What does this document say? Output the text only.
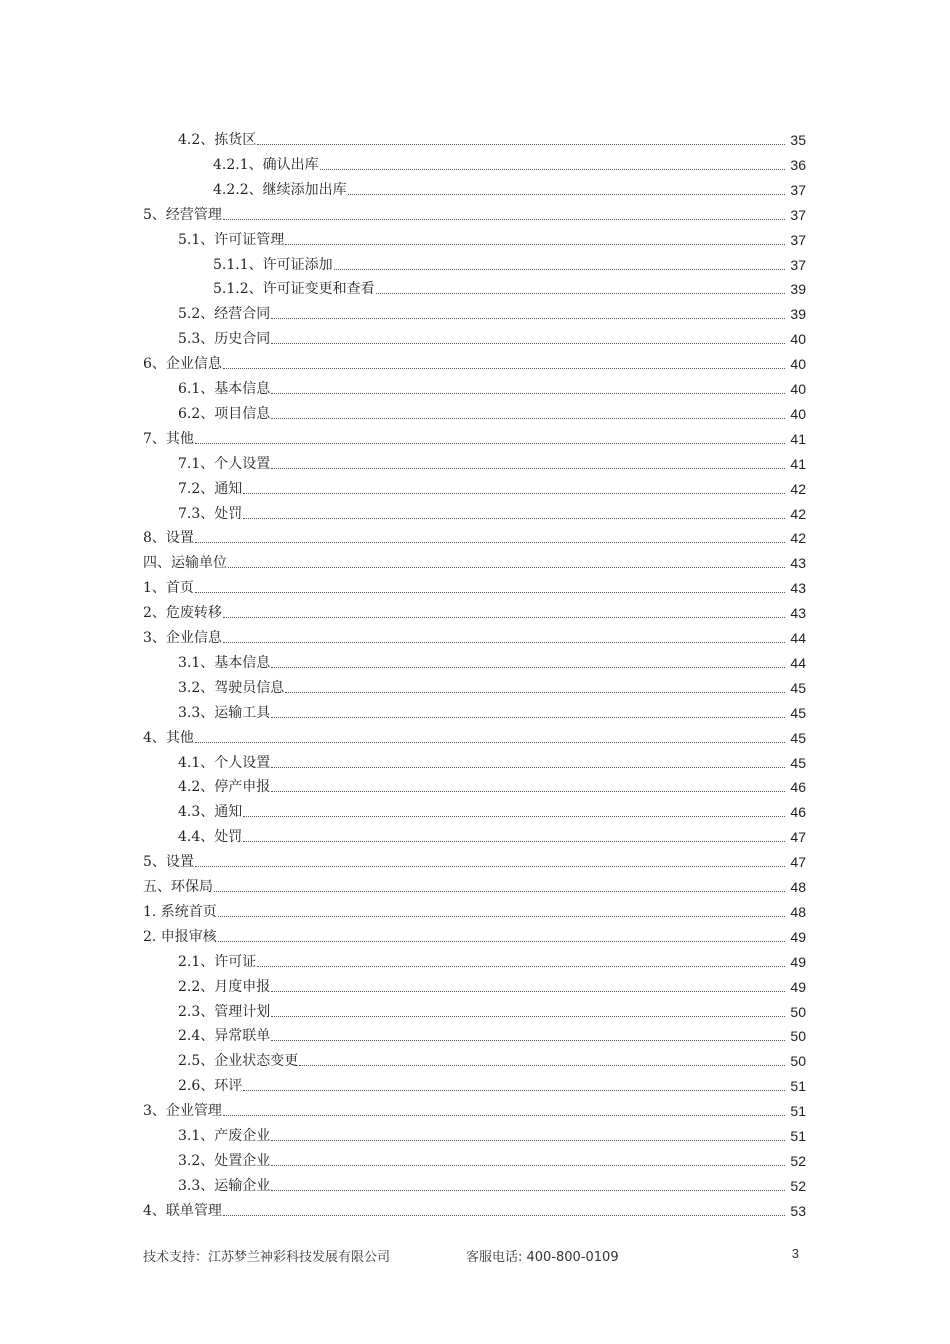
4.2、拣货区	35
4.2.1、确认出库	36
4.2.2、继续添加出库	37
5、经营管理	37
5.1、许可证管理	37
5.1.1、许可证添加	37
5.1.2、许可证变更和查看	39
5.2、经营合同	39
5.3、历史合同	40
6、企业信息	40
6.1、基本信息	40
6.2、项目信息	40
7、其他	41
7.1、个人设置	41
7.2、通知	42
7.3、处罚	42
8、设置	42
四、运输单位	43
1、首页	43
2、危废转移	43
3、企业信息	44
3.1、基本信息	44
3.2、驾驶员信息	45
3.3、运输工具	45
4、其他	45
4.1、个人设置	45
4.2、停产申报	46
4.3、通知	46
4.4、处罚	47
5、设置	47
五、环保局	48
1. 系统首页	48
2. 申报审核	49
2.1、许可证	49
2.2、月度申报	49
2.3、管理计划	50
2.4、异常联单	50
2.5、企业状态变更	50
2.6、环评	51
3、企业管理	51
3.1、产废企业	51
3.2、处置企业	52
3.3、运输企业	52
4、联单管理	53
技术支持：江苏梦兰神彩科技发展有限公司	客服电话: 400-800-0109	3
